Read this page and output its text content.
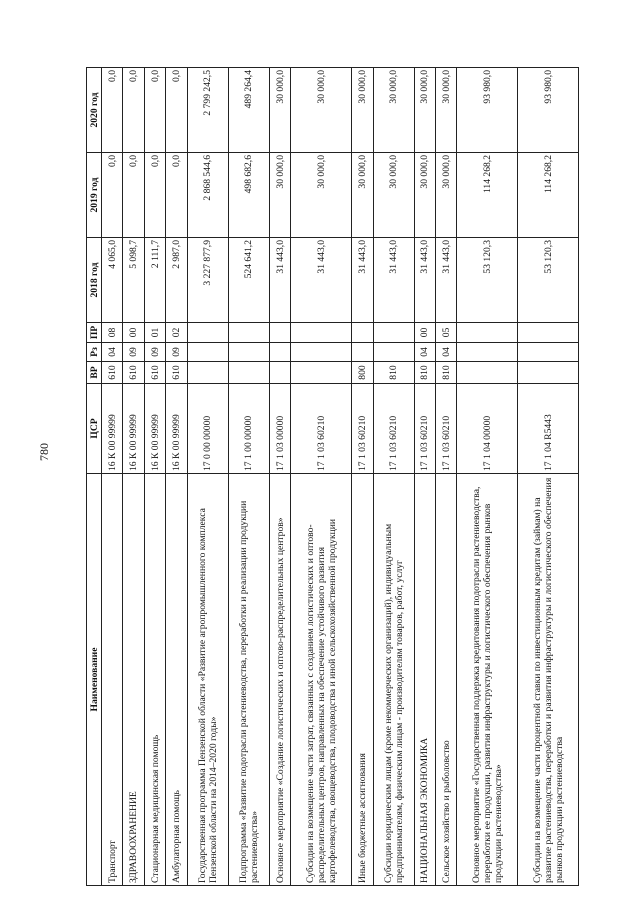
780
Наименование	ЦСР	ВР	Рз	ПР	2018 год	2019 год	2020 год
Транспорт	16 К 00 99999	610	04	08	4 065,0	0,0	0,0
ЗДРАВООХРАНЕНИЕ	16 К 00 99999	610	09	00	5 098,7	0,0	0,0
Стационарная медицинская помощь	16 К 00 99999	610	09	01	2 111,7	0,0	0,0
Амбулаторная помощь	16 К 00 99999	610	09	02	2 987,0	0,0	0,0
Государственная программа Пензенской области «Развитие агропромышленного комплекса Пензенской области на 2014–2020 годы»	17 0 00 00000				3 227 877,9	2 868 544,6	2 799 242,5
Подпрограмма «Развитие подотрасли растениеводства, переработки и реализации продукции растениеводства»	17 1 00 00000				524 641,2	498 682,6	489 264,4
Основное мероприятие «Создание логистических и оптово-распределительных центров»	17 1 03 00000				31 443,0	30 000,0	30 000,0
Субсидии на возмещение части затрат, связанных с созданием логистических и оптово-распределительных центров, направленных на обеспечение устойчивого развития картофелеводства, овощеводства, плодоводства и иной сельскохозяйственной продукции	17 1 03 60210				31 443,0	30 000,0	30 000,0
Иные бюджетные ассигнования	17 1 03 60210	800			31 443,0	30 000,0	30 000,0
Субсидии юридическим лицам (кроме некоммерческих организаций), индивидуальным предпринимателям, физическим лицам - производителям товаров, работ, услуг	17 1 03 60210	810			31 443,0	30 000,0	30 000,0
НАЦИОНАЛЬНАЯ ЭКОНОМИКА	17 1 03 60210	810	04	00	31 443,0	30 000,0	30 000,0
Сельское хозяйство и рыболовство	17 1 03 60210	810	04	05	31 443,0	30 000,0	30 000,0
Основное мероприятие «Государственная поддержка кредитования подотрасли растениеводства, переработки ее продукции, развития инфраструктуры и логистического обеспечения рынков продукции растениеводства»	17 1 04 00000				53 120,3	114 268,2	93 980,0
Субсидии на возмещение части процентной ставки по инвестиционным кредитам (займам) на развитие растениеводства, переработки и развития инфраструктуры и логистического обеспечения рынков продукции растениеводства	17 1 04 R5443				53 120,3	114 268,2	93 980,0
